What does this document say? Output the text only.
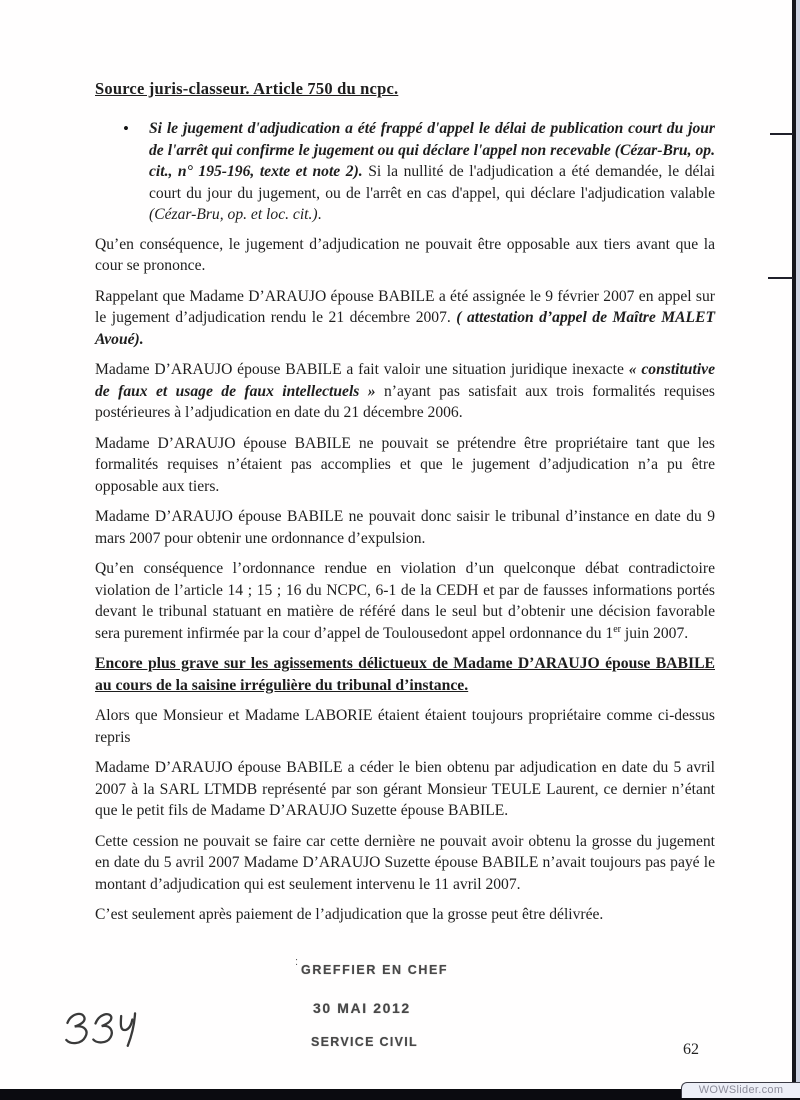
Source juris-classeur. Article 750 du ncpc.
•	Si le jugement d'adjudication a été frappé d'appel le délai de publication court du jour de l'arrêt qui confirme le jugement ou qui déclare l'appel non recevable (Cézar-Bru, op. cit., n° 195-196, texte et note 2). Si la nullité de l'adjudication a été demandée, le délai court du jour du jugement, ou de l'arrêt en cas d'appel, qui déclare l'adjudication valable (Cézar-Bru, op. et loc. cit.).
Qu’en conséquence, le jugement d’adjudication ne pouvait être opposable aux tiers avant que la cour se prononce.
Rappelant que Madame D’ARAUJO épouse BABILE a été assignée le 9 février 2007 en appel sur le jugement d’adjudication rendu le 21 décembre 2007. ( attestation d’appel de Maître MALET Avoué).
Madame D’ARAUJO épouse BABILE a fait valoir une situation juridique inexacte « constitutive de faux et usage de faux intellectuels » n’ayant pas satisfait aux trois formalités requises postérieures à l’adjudication en date du 21 décembre 2006.
Madame D’ARAUJO épouse BABILE ne pouvait se prétendre être propriétaire tant que les formalités requises n’étaient pas accomplies et que le jugement d’adjudication n’a pu être opposable aux tiers.
Madame D’ARAUJO épouse BABILE ne pouvait donc saisir le tribunal d’instance en date du 9 mars 2007 pour obtenir une ordonnance d’expulsion.
Qu’en conséquence l’ordonnance rendue en violation d’un quelconque débat contradictoire violation de l’article 14 ; 15 ; 16 du NCPC, 6-1 de la CEDH et par de fausses informations portés devant le tribunal statuant en matière de référé dans le seul but d’obtenir une décision favorable sera purement infirmée par la cour d’appel de Toulousedont appel ordonnance du 1er juin 2007.
Encore plus grave sur les agissements délictueux de Madame D’ARAUJO épouse BABILE au cours de la saisine irrégulière du tribunal d’instance.
Alors que Monsieur et Madame LABORIE étaient étaient toujours propriétaire comme ci-dessus repris
Madame D’ARAUJO épouse BABILE a céder le bien obtenu par adjudication en date du 5 avril 2007 à la SARL LTMDB représenté par son gérant Monsieur TEULE Laurent, ce dernier n’étant que le petit fils de Madame D’ARAUJO Suzette épouse BABILE.
Cette cession ne pouvait se faire car cette dernière ne pouvait avoir obtenu la grosse du jugement en date du 5 avril 2007 Madame D’ARAUJO Suzette épouse BABILE n’avait toujours pas payé le montant d’adjudication qui est seulement intervenu le 11 avril 2007.
C’est seulement après paiement de l’adjudication que la grosse peut être délivrée.
:
GREFFIER EN CHEF
30 MAI 2012
SERVICE CIVIL	62
WOWSlider.com
